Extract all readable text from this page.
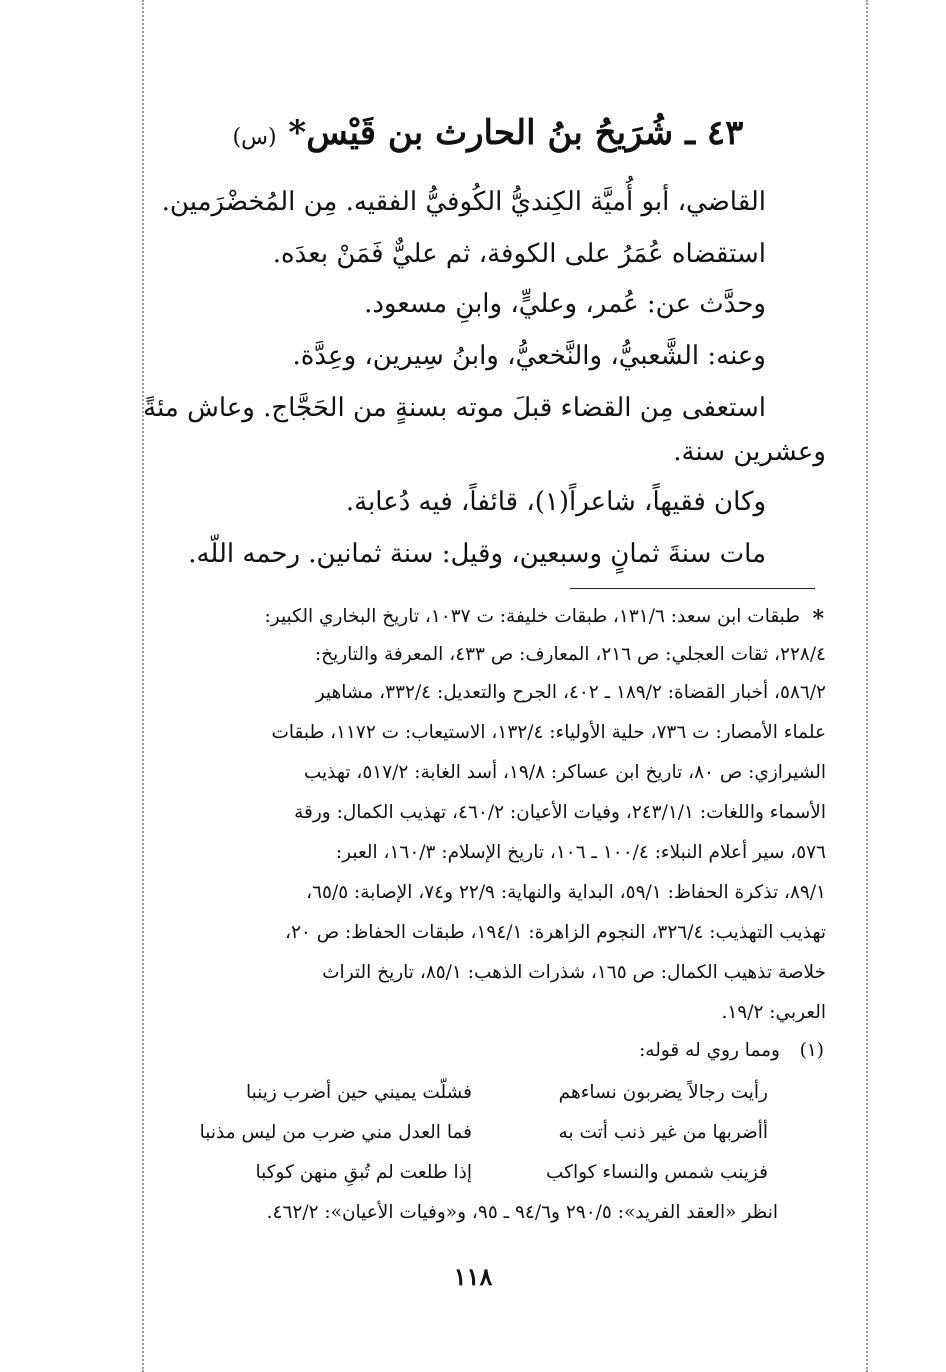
٤٣ ـ شُرَيحُ بنُ الحارث بن قَيْس* (س)
القاضي، أبو أُميَّة الكِنديُّ الكُوفيُّ الفقيه. مِن المُخضْرَمين.
استقضاه عُمَرُ على الكوفة، ثم عليٌّ فَمَنْ بعدَه.
وحدَّث عن: عُمر، وعليٍّ، وابنِ مسعود.
وعنه: الشَّعبيُّ، والنَّخعيُّ، وابنُ سِيرين، وعِدَّة.
استعفى مِن القضاء قبلَ موته بسنةٍ من الحَجَّاج. وعاش مئةً
وعشرين سنة.
وكان فقيهاً، شاعراً(١)، قائفاً، فيه دُعابة.
مات سنةَ ثمانٍ وسبعين، وقيل: سنة ثمانين. رحمه اللّه.
*
طبقات ابن سعد: ١٣١/٦، طبقات خليفة: ت ١٠٣٧، تاريخ البخاري الكبير:
٢٢٨/٤، ثقات العجلي: ص ٢١٦، المعارف: ص ٤٣٣، المعرفة والتاريخ:
٥٨٦/٢، أخبار القضاة: ١٨٩/٢ ـ ٤٠٢، الجرح والتعديل: ٣٣٢/٤، مشاهير
علماء الأمصار: ت ٧٣٦، حلية الأولياء: ١٣٢/٤، الاستيعاب: ت ١١٧٢، طبقات
الشيرازي: ص ٨٠، تاريخ ابن عساكر: ١٩/٨، أسد الغابة: ٥١٧/٢، تهذيب
الأسماء واللغات: ٢٤٣/١/١، وفيات الأعيان: ٤٦٠/٢، تهذيب الكمال: ورقة
٥٧٦، سير أعلام النبلاء: ١٠٠/٤ ـ ١٠٦، تاريخ الإسلام: ١٦٠/٣، العبر:
٨٩/١، تذكرة الحفاظ: ٥٩/١، البداية والنهاية: ٢٢/٩ و٧٤، الإصابة: ٦٥/٥،
تهذيب التهذيب: ٣٢٦/٤، النجوم الزاهرة: ١٩٤/١، طبقات الحفاظ: ص ٢٠،
خلاصة تذهيب الكمال: ص ١٦٥، شذرات الذهب: ٨٥/١، تاريخ التراث
العربي: ١٩/٢.
(١)
ومما روي له قوله:
رأيت رجالاً يضربون نساءهم
فشلّت يميني حين أضرب زينبا
أأضربها من غير ذنب أتت به
فما العدل مني ضرب من ليس مذنبا
فزينب شمس والنساء كواكب
إذا طلعت لم تُبقِ منهن كوكبا
انظر «العقد الفريد»: ٢٩٠/٥ و٩٤/٦ ـ ٩٥، و«وفيات الأعيان»: ٤٦٢/٢.
١١٨
